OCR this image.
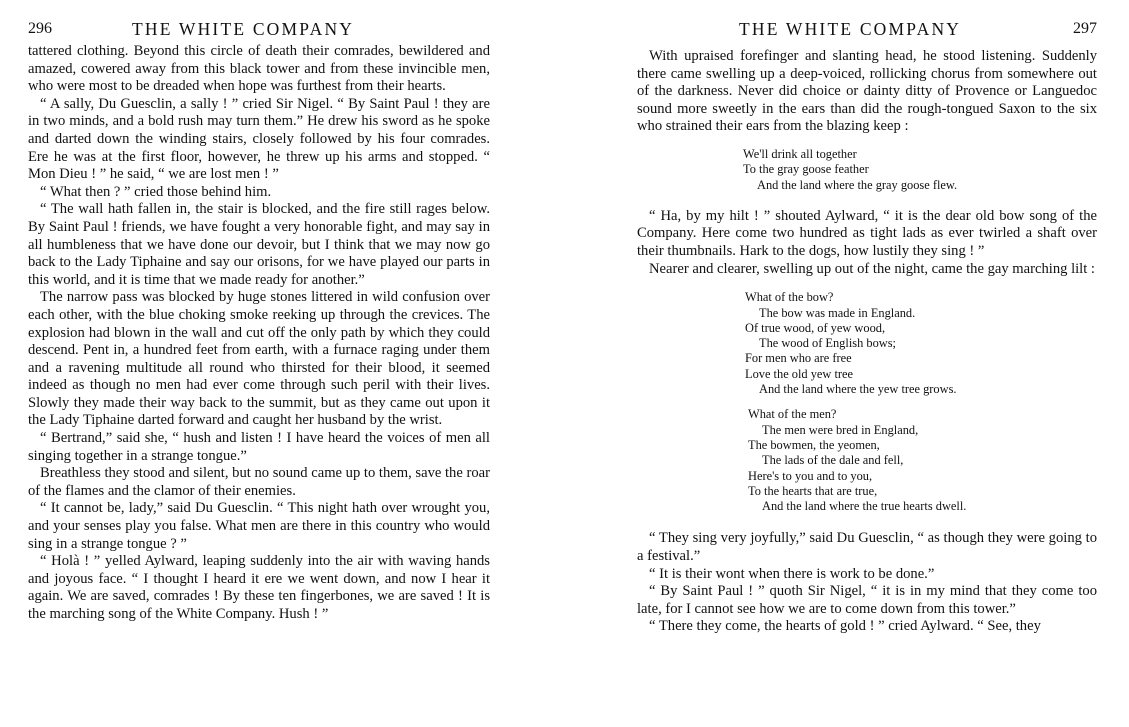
296	THE WHITE COMPANY

tattered clothing. Beyond this circle of death their comrades, bewildered and amazed, cowered away from this black tower and from these invincible men, who were most to be dreaded when hope was furthest from their hearts.

“ A sally, Du Guesclin, a sally ! ” cried Sir Nigel. “ By Saint Paul ! they are in two minds, and a bold rush may turn them.” He drew his sword as he spoke and darted down the winding stairs, closely followed by his four comrades. Ere he was at the first floor, however, he threw up his arms and stopped. “ Mon Dieu ! ” he said, “ we are lost men ! ”

“ What then ? ” cried those behind him.

“ The wall hath fallen in, the stair is blocked, and the fire still rages below. By Saint Paul ! friends, we have fought a very honorable fight, and may say in all humbleness that we have done our devoir, but I think that we may now go back to the Lady Tiphaine and say our orisons, for we have played our parts in this world, and it is time that we made ready for another.”

The narrow pass was blocked by huge stones littered in wild confusion over each other, with the blue choking smoke reeking up through the crevices. The explosion had blown in the wall and cut off the only path by which they could descend. Pent in, a hundred feet from earth, with a furnace raging under them and a ravening multitude all round who thirsted for their blood, it seemed indeed as though no men had ever come through such peril with their lives. Slowly they made their way back to the summit, but as they came out upon it the Lady Tiphaine darted forward and caught her husband by the wrist.

“ Bertrand,” said she, “ hush and listen ! I have heard the voices of men all singing together in a strange tongue.”

Breathless they stood and silent, but no sound came up to them, save the roar of the flames and the clamor of their enemies.

“ It cannot be, lady,” said Du Guesclin. “ This night hath over wrought you, and your senses play you false. What men are there in this country who would sing in a strange tongue ? ”

“ Holà ! ” yelled Aylward, leaping suddenly into the air with waving hands and joyous face. “ I thought I heard it ere we went down, and now I hear it again. We are saved, comrades ! By these ten fingerbones, we are saved ! It is the marching song of the White Company. Hush ! ”

THE WHITE COMPANY	297

With upraised forefinger and slanting head, he stood listening. Suddenly there came swelling up a deep-voiced, rollicking chorus from somewhere out of the darkness. Never did choice or dainty ditty of Provence or Languedoc sound more sweetly in the ears than did the rough-tongued Saxon to the six who strained their ears from the blazing keep :

We'll drink all together
To the gray goose feather
And the land where the gray goose flew.

“ Ha, by my hilt ! ” shouted Aylward, “ it is the dear old bow song of the Company. Here come two hundred as tight lads as ever twirled a shaft over their thumbnails. Hark to the dogs, how lustily they sing ! ”

Nearer and clearer, swelling up out of the night, came the gay marching lilt :

What of the bow?
The bow was made in England.
Of true wood, of yew wood,
The wood of English bows;
For men who are free
Love the old yew tree
And the land where the yew tree grows.
What of the men?
The men were bred in England,
The bowmen, the yeomen,
The lads of the dale and fell,
Here's to you and to you,
To the hearts that are true,
And the land where the true hearts dwell.

“ They sing very joyfully,” said Du Guesclin, “ as though they were going to a festival.”

“ It is their wont when there is work to be done.”

“ By Saint Paul ! ” quoth Sir Nigel, “ it is in my mind that they come too late, for I cannot see how we are to come down from this tower.”

“ There they come, the hearts of gold ! ” cried Aylward. “ See, they
